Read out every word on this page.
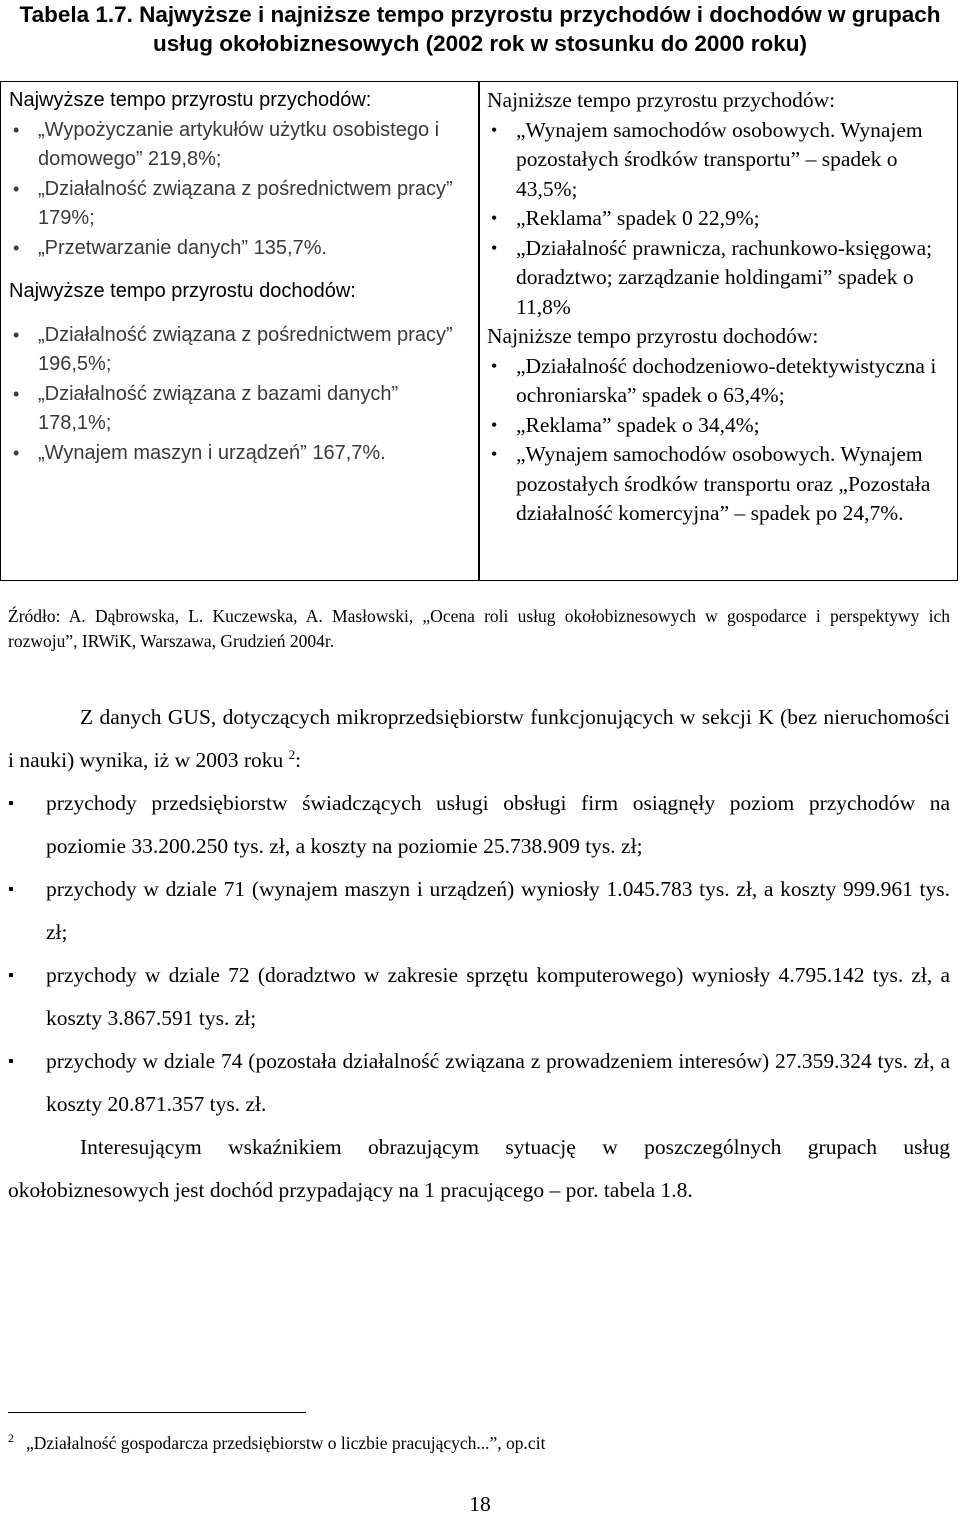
Tabela 1.7. Najwyższe i najniższe tempo przyrostu przychodów i dochodów w grupach
usług okołobiznesowych (2002 rok w stosunku do 2000 roku)
Najwyższe tempo przyrostu przychodów:
• „Wypożyczanie artykułów użytku osobistego i domowego” 219,8%;
• „Działalność związana z pośrednictwem pracy” 179%;
• „Przetwarzanie danych” 135,7%.
Najwyższe tempo przyrostu dochodów:
• „Działalność związana z pośrednictwem pracy” 196,5%;
• „Działalność związana z bazami danych” 178,1%;
• „Wynajem maszyn i urządzeń” 167,7%.
Najniższe tempo przyrostu przychodów:
• „Wynajem samochodów osobowych. Wynajem pozostałych środków transportu” – spadek o 43,5%;
• „Reklama” spadek 0 22,9%;
• „Działalność prawnicza, rachunkowo-księgowa; doradztwo; zarządzanie holdingami” spadek o 11,8%
Najniższe tempo przyrostu dochodów:
• „Działalność dochodzeniowo-detektywistyczna i ochroniarska” spadek o 63,4%;
• „Reklama” spadek o 34,4%;
• „Wynajem samochodów osobowych. Wynajem pozostałych środków transportu oraz „Pozostała działalność komercyjna” – spadek po 24,7%.
Źródło: A. Dąbrowska, L. Kuczewska, A. Masłowski, „Ocena roli usług okołobiznesowych w gospodarce i perspektywy ich rozwoju”, IRWiK, Warszawa, Grudzień 2004r.

Z danych GUS, dotyczących mikroprzedsiębiorstw funkcjonujących w sekcji K (bez nieruchomości i nauki) wynika, iż w 2003 roku $^2$:

▪ przychody przedsiębiorstw świadczących usługi obsługi firm osiągnęły poziom przychodów na poziomie 33.200.250 tys. zł, a koszty na poziomie 25.738.909 tys. zł;
▪ przychody w dziale 71 (wynajem maszyn i urządzeń) wyniosły 1.045.783 tys. zł, a koszty 999.961 tys. zł;
▪ przychody w dziale 72 (doradztwo w zakresie sprzętu komputerowego) wyniosły 4.795.142 tys. zł, a koszty 3.867.591 tys. zł;
▪ przychody w dziale 74 (pozostała działalność związana z prowadzeniem interesów) 27.359.324 tys. zł, a koszty 20.871.357 tys. zł.

Interesującym wskaźnikiem obrazującym sytuację w poszczególnych grupach usług okołobiznesowych jest dochód przypadający na 1 pracującego – por. tabela 1.8.

$^2$ „Działalność gospodarcza przedsiębiorstw o liczbie pracujących...”, op.cit
18
